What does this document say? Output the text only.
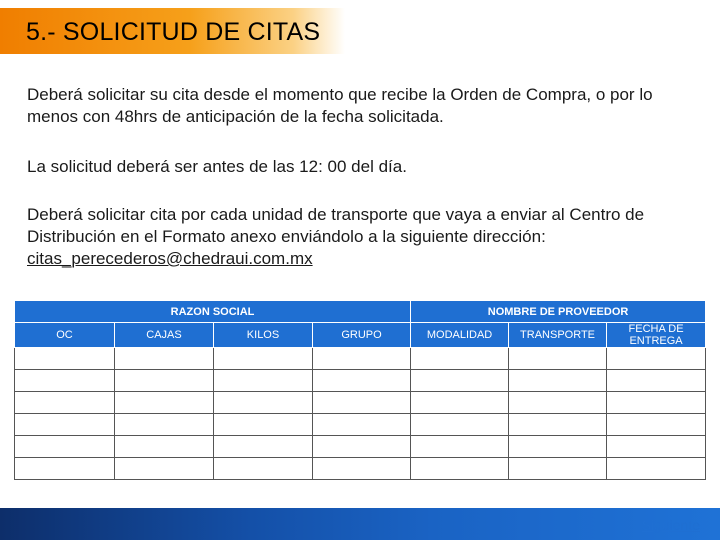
5.- SOLICITUD DE CITAS

Deberá solicitar su cita desde el momento que recibe la Orden de Compra, o por lo menos con 48hrs de anticipación de la fecha solicitada.

La solicitud deberá ser antes de las 12: 00 del día.

Deberá solicitar cita por cada unidad de transporte que vaya a enviar al Centro de Distribución en el Formato anexo enviándolo a la siguiente dirección:
citas_perecederos@chedraui.com.mx

RAZON SOCIAL				NOMBRE DE PROVEEDOR		
OC	CAJAS	KILOS	GRUPO	MODALIDAD	TRANSPORTE	FECHA DE ENTREGA

Siguiente
